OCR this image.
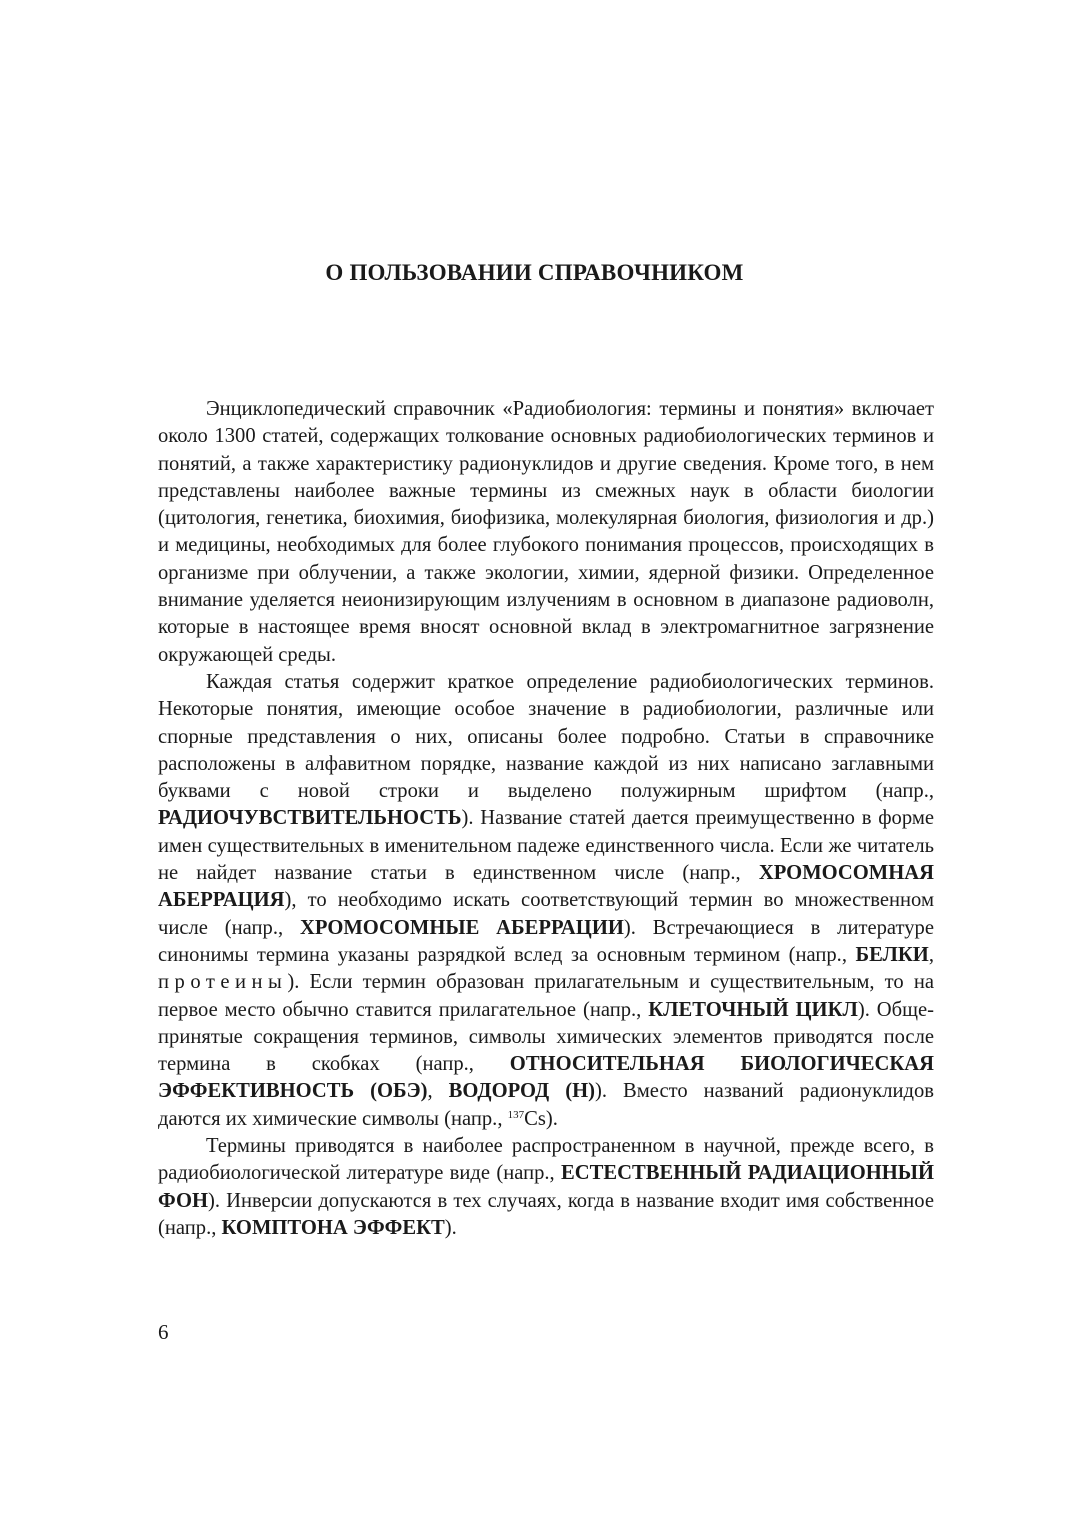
О ПОЛЬЗОВАНИИ СПРАВОЧНИКОМ

Энциклопедический справочник «Радиобиология: термины и понятия» включает около 1300 статей, содержащих толкование основных радиобиологических терминов и понятий, а также характеристику радионуклидов и другие сведения. Кроме того, в нем представлены наиболее важные термины из смежных наук в области биологии (цитология, генетика, биохимия, биофизика, молекулярная биология, физиология и др.) и медицины, необходимых для более глубокого понимания процессов, происходящих в организме при облучении, а также экологии, химии, ядерной физики. Определенное внимание уделяется неионизирующим излучениям в основном в диапазоне радиоволн, которые в настоящее время вносят основной вклад в электромагнитное загрязнение окружающей среды.

Каждая статья содержит краткое определение радиобиологических терминов. Некоторые понятия, имеющие особое значение в радиобиологии, различные или спорные представления о них, описаны более подробно. Статьи в справочнике расположены в алфавитном порядке, название каждой из них написано заглавными буквами с новой строки и выделено полужирным шрифтом (напр., РАДИОЧУВСТВИТЕЛЬНОСТЬ). Название статей дается преимущественно в форме имен существительных в именительном падеже единственного числа. Если же читатель не найдет название статьи в единственном числе (напр., ХРОМОСОМНАЯ АБЕРРАЦИЯ), то необходимо искать соответствующий термин во множественном числе (напр., ХРОМОСОМНЫЕ АБЕРРАЦИИ). Встречающиеся в литературе синонимы термина указаны разрядкой вслед за основным термином (напр., БЕЛКИ, протеины). Если термин образован прилагательным и существительным, то на первое место обычно ставится прилагательное (напр., КЛЕТОЧНЫЙ ЦИКЛ). Общепринятые сокращения терминов, символы химических элементов приводятся после термина в скобках (напр., ОТНОСИТЕЛЬНАЯ БИОЛОГИЧЕСКАЯ ЭФФЕКТИВНОСТЬ (ОБЭ), ВОДОРОД (Н)). Вместо названий радионуклидов даются их химические символы (напр., $^{137}$Cs).

Термины приводятся в наиболее распространенном в научной, прежде всего, в радиобиологической литературе виде (напр., ЕСТЕСТВЕННЫЙ РАДИАЦИОННЫЙ ФОН). Инверсии допускаются в тех случаях, когда в название входит имя собственное (напр., КОМПТОНА ЭФФЕКТ).

6
